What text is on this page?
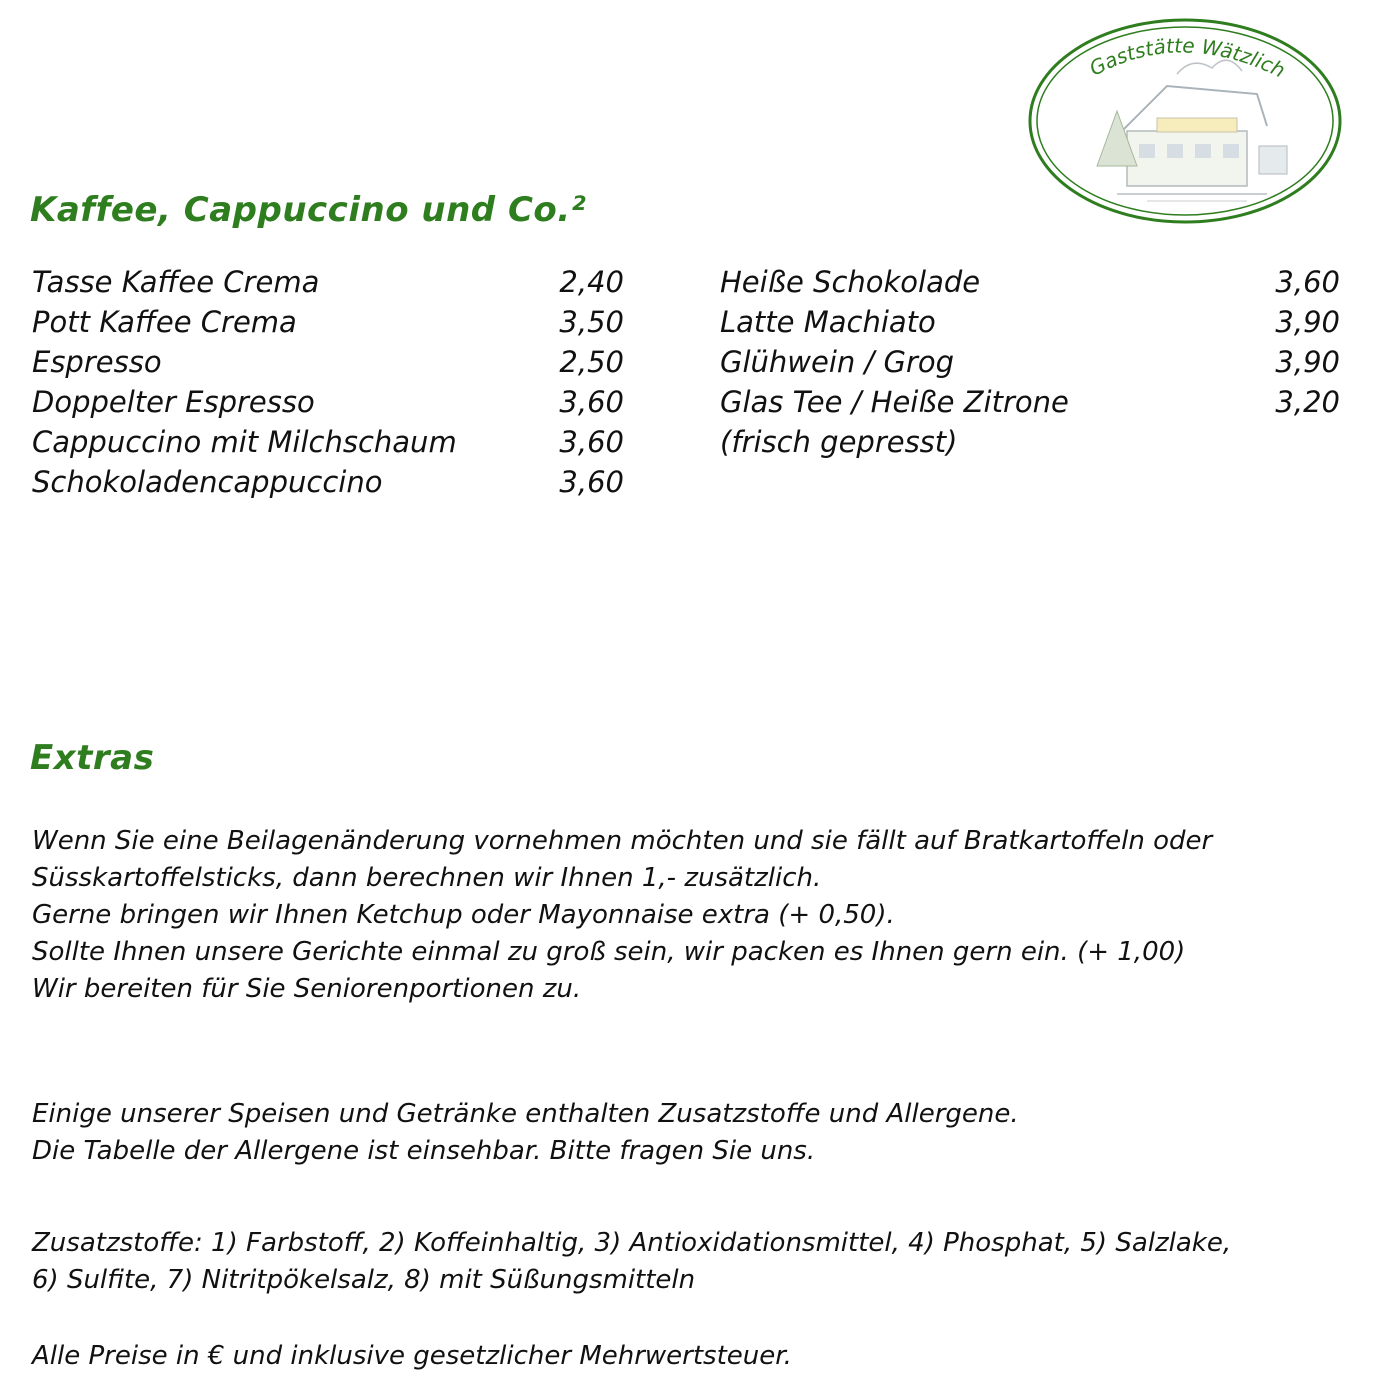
Gaststätte Wätzlich
Kaffee, Cappuccino und Co.²
Tasse Kaffee Crema	2,40
Pott Kaffee Crema	3,50
Espresso	2,50
Doppelter Espresso	3,60
Cappuccino mit Milchschaum	3,60
Schokoladencappuccino	3,60
Heiße Schokolade	3,60
Latte Machiato	3,90
Glühwein / Grog	3,90
Glas Tee / Heiße Zitrone	3,20
(frisch gepresst)
Extras
Wenn Sie eine Beilagenänderung vornehmen möchten und sie fällt auf Bratkartoffeln oder
Süsskartoffelsticks, dann berechnen wir Ihnen 1,- zusätzlich.
Gerne bringen wir Ihnen Ketchup oder Mayonnaise extra (+ 0,50).
Sollte Ihnen unsere Gerichte einmal zu groß sein, wir packen es Ihnen gern ein. (+ 1,00)
Wir bereiten für Sie Seniorenportionen zu.
Einige unserer Speisen und Getränke enthalten Zusatzstoffe und Allergene.
Die Tabelle der Allergene ist einsehbar. Bitte fragen Sie uns.
Zusatzstoffe: 1) Farbstoff, 2) Koffeinhaltig, 3) Antioxidationsmittel, 4) Phosphat, 5) Salzlake,
6) Sulfite, 7) Nitritpökelsalz, 8) mit Süßungsmitteln
Alle Preise in € und inklusive gesetzlicher Mehrwertsteuer.
